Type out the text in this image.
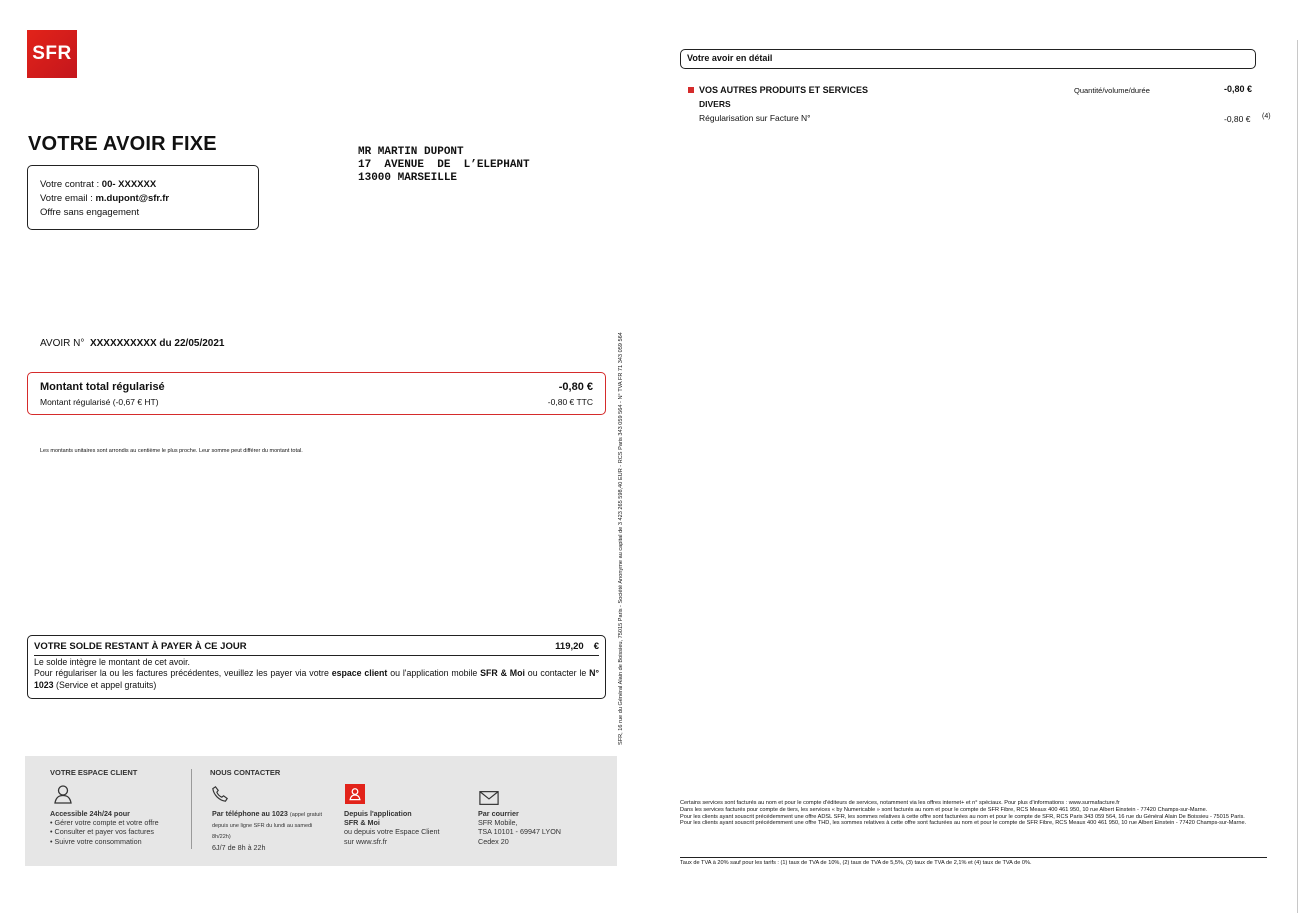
SFR
VOTRE AVOIR FIXE
Votre contrat : 00- XXXXXX
Votre email : m.dupont@sfr.fr
Offre sans engagement
MR MARTIN DUPONT
17  AVENUE  DE  L’ELEPHANT
13000 MARSEILLE
AVOIR N° XXXXXXXXXX du 22/05/2021
Montant total régularisé	-0,80 €
Montant régularisé (-0,67 € HT)	-0,80 € TTC
Les montants unitaires sont arrondis au centième le plus proche. Leur somme peut différer du montant total.	SFR, 16 rue du Général Alain de Boissieu, 75015 Paris - Société Anonyme au capital de 3 423 265 598,40 EUR - RCS Paris 343 059 564 - N° TVA FR 71 343 059 564
VOTRE SOLDE RESTANT À PAYER À CE JOUR	119,20 €
Le solde intègre le montant de cet avoir.

Pour régulariser la ou les factures précédentes, veuillez les payer via votre espace client ou l'application mobile SFR & Moi ou contacter le N° 1023 (Service et appel gratuits)

VOTRE ESPACE CLIENT
Accessible 24h/24 pour
• Gérer votre compte et votre offre
• Consulter et payer vos factures
• Suivre votre consommation
NOUS CONTACTER
Par téléphone au 1023 (appel gratuit depuis une ligne SFR du lundi au samedi 8h/22h)
6J/7 de 8h à 22h
Depuis l'application
SFR & Moi
ou depuis votre Espace Client
sur www.sfr.fr
Par courrier
SFR Mobile,
TSA 10101 - 69947 LYON
Cedex 20
Votre avoir en détail
VOS AUTRES PRODUITS ET SERVICES	Quantité/volume/durée	-0,80 €
DIVERS
Régularisation sur Facture N°	-0,80 € (4)
Certains services sont facturés au nom et pour le compte d'éditeurs de services, notamment via les offres internet+ et n° spéciaux. Pour plus d'informations : www.surmafacture.fr
Dans les services facturés pour compte de tiers, les services « by Numericable » sont facturés au nom et pour le compte de SFR Fibre, RCS Meaux 400 461 950, 10 rue Albert Einstein - 77420 Champs-sur-Marne.
Pour les clients ayant souscrit précédemment une offre ADSL SFR, les sommes relatives à cette offre sont facturées au nom et pour le compte de SFR, RCS Paris 343 059 564, 16 rue du Général Alain De Boissieu - 75015 Paris.
Pour les clients ayant souscrit précédemment une offre THD, les sommes relatives à cette offre sont facturées au nom et pour le compte de SFR Fibre, RCS Meaux 400 461 950, 10 rue Albert Einstein - 77420 Champs-sur-Marne.
Taux de TVA à 20% sauf pour les tarifs : (1) taux de TVA de 10%, (2) taux de TVA de 5,5%, (3) taux de TVA de 2,1% et (4) taux de TVA de 0%.
